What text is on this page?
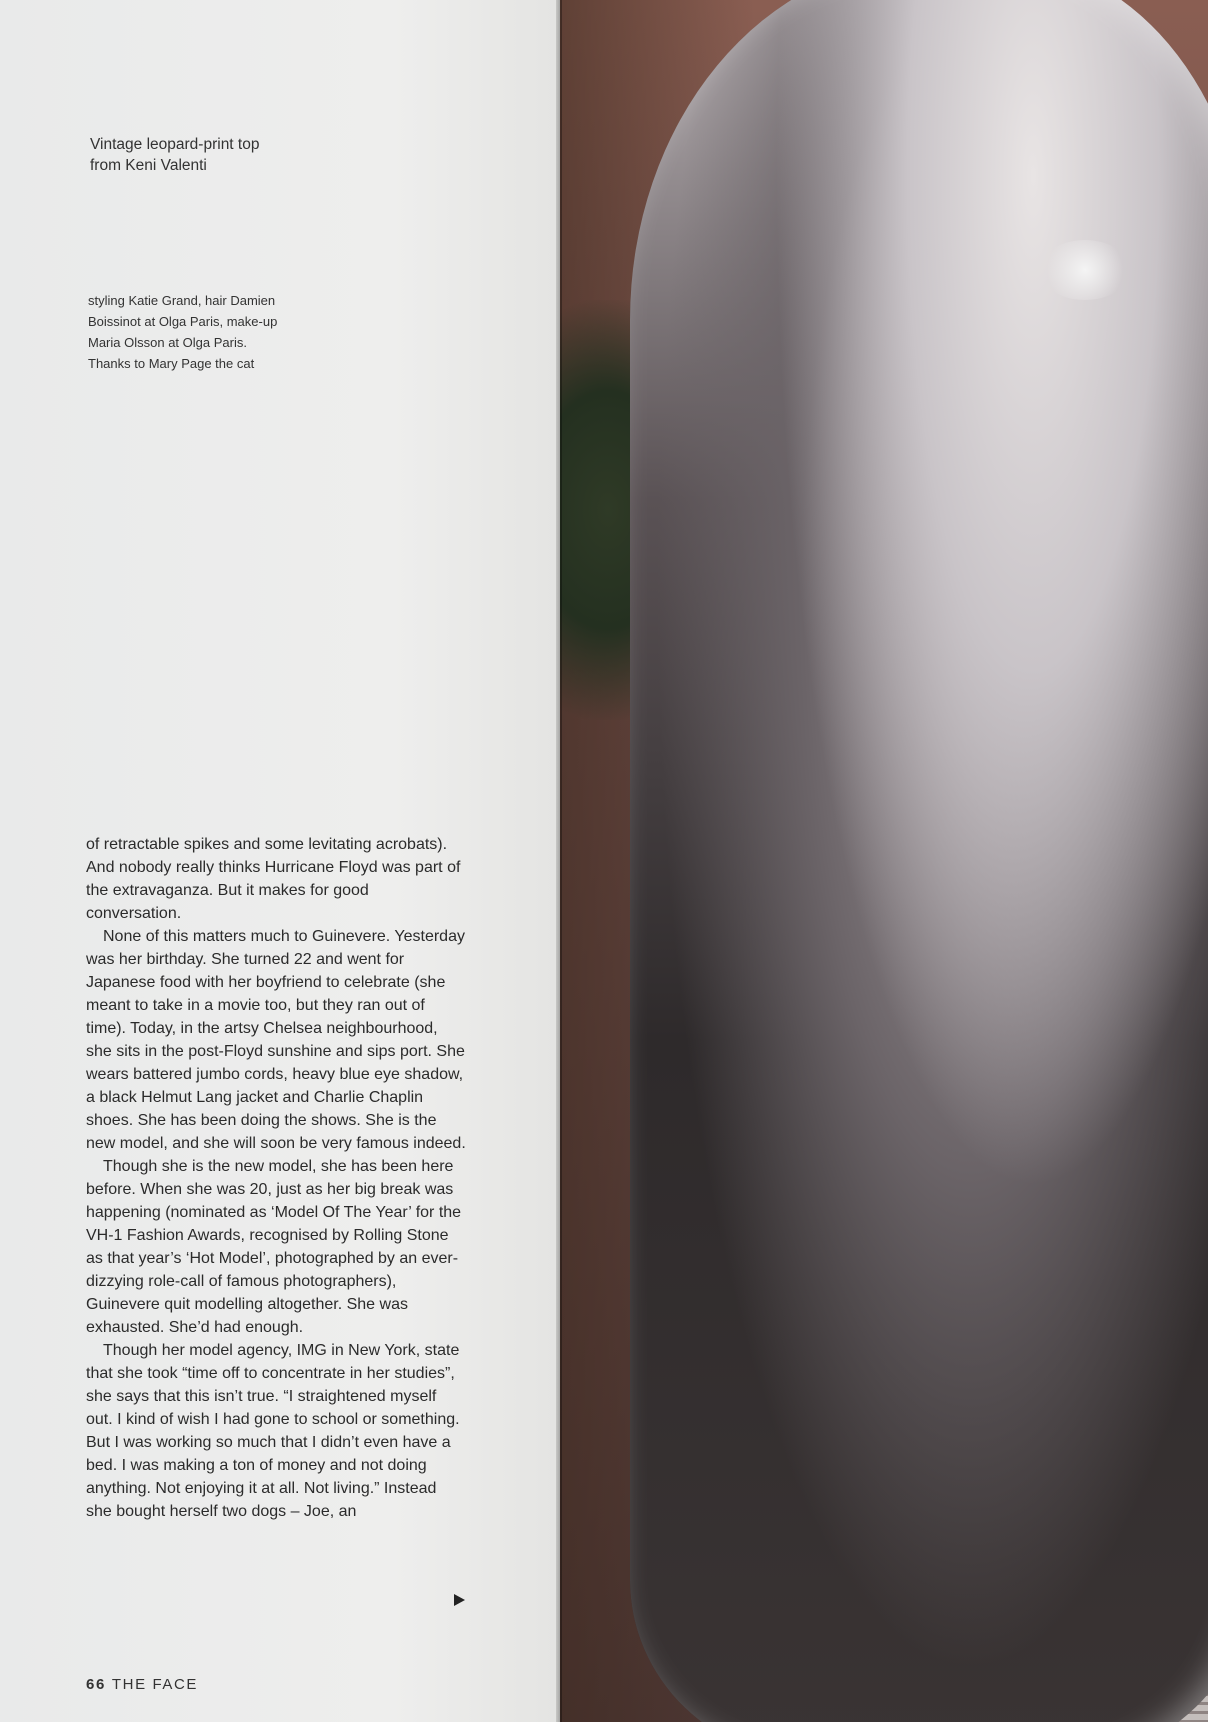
Vintage leopard-print top
from Keni Valenti
styling Katie Grand, hair Damien
Boissinot at Olga Paris, make-up
Maria Olsson at Olga Paris.
Thanks to Mary Page the cat

of retractable spikes and some levitating acrobats). And nobody really thinks Hurricane Floyd was part of the extravaganza. But it makes for good conversation.

None of this matters much to Guinevere. Yesterday was her birthday. She turned 22 and went for Japanese food with her boyfriend to celebrate (she meant to take in a movie too, but they ran out of time). Today, in the artsy Chelsea neighbourhood, she sits in the post-Floyd sunshine and sips port. She wears battered jumbo cords, heavy blue eye shadow, a black Helmut Lang jacket and Charlie Chaplin shoes. She has been doing the shows. She is the new model, and she will soon be very famous indeed.

Though she is the new model, she has been here before. When she was 20, just as her big break was happening (nominated as ‘Model Of The Year’ for the VH-1 Fashion Awards, recognised by Rolling Stone as that year’s ‘Hot Model’, photographed by an ever-dizzying role-call of famous photographers), Guinevere quit modelling altogether. She was exhausted. She’d had enough.

Though her model agency, IMG in New York, state that she took “time off to concentrate in her studies”, she says that this isn’t true. “I straightened myself out. I kind of wish I had gone to school or something. But I was working so much that I didn’t even have a bed. I was making a ton of money and not doing anything. Not enjoying it at all. Not living.” Instead she bought herself two dogs – Joe, an

66 THE FACE
